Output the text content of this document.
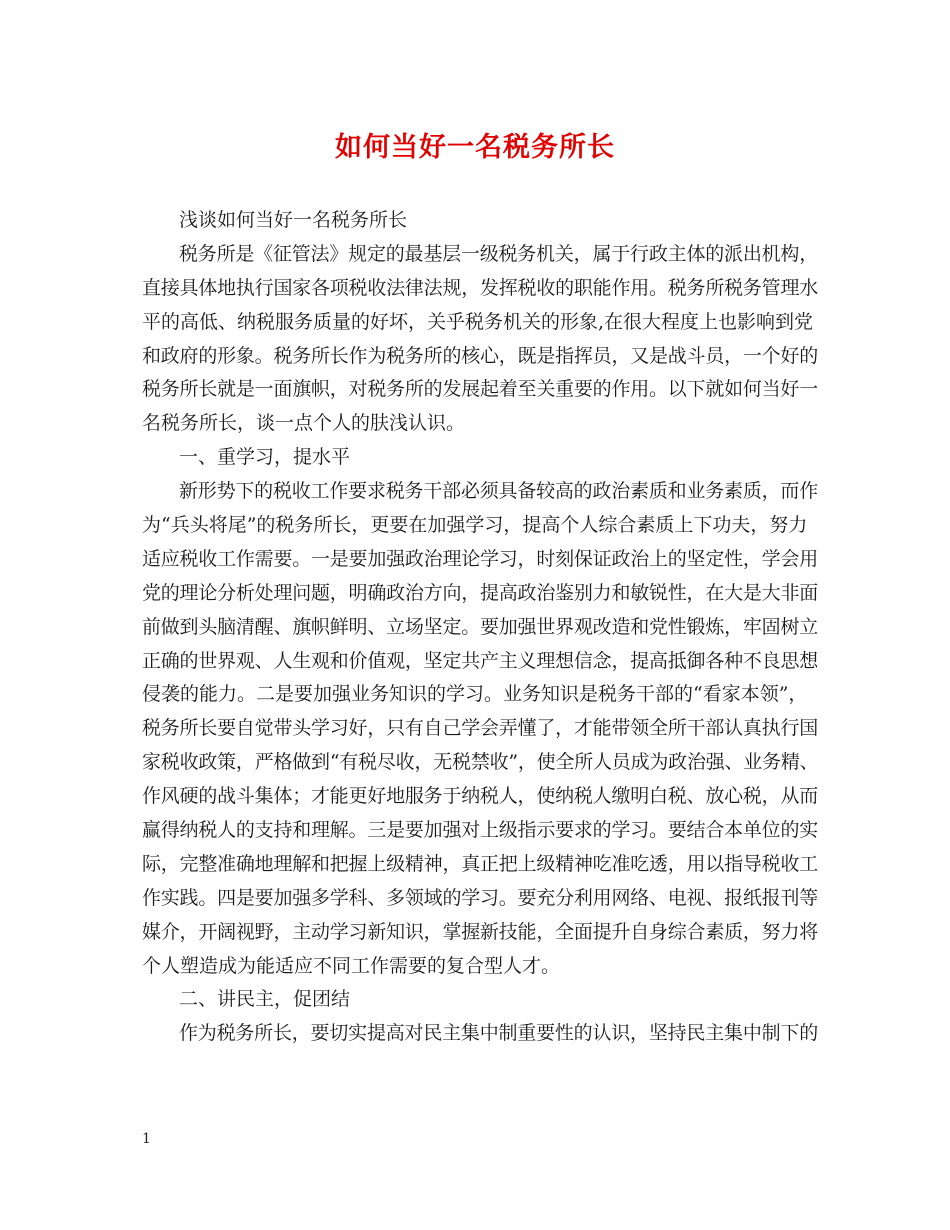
如何当好一名税务所长
浅谈如何当好一名税务所长
税务所是《征管法》规定的最基层一级税务机关，属于行政主体的派出机构，
直接具体地执行国家各项税收法律法规，发挥税收的职能作用。税务所税务管理水
平的高低、纳税服务质量的好坏，关乎税务机关的形象,在很大程度上也影响到党
和政府的形象。税务所长作为税务所的核心，既是指挥员，又是战斗员，一个好的
税务所长就是一面旗帜，对税务所的发展起着至关重要的作用。以下就如何当好一
名税务所长，谈一点个人的肤浅认识。
一、重学习，提水平
新形势下的税收工作要求税务干部必须具备较高的政治素质和业务素质，而作
为“兵头将尾”的税务所长，更要在加强学习，提高个人综合素质上下功夫，努力
适应税收工作需要。一是要加强政治理论学习，时刻保证政治上的坚定性，学会用
党的理论分析处理问题，明确政治方向，提高政治鉴别力和敏锐性，在大是大非面
前做到头脑清醒、旗帜鲜明、立场坚定。要加强世界观改造和党性锻炼，牢固树立
正确的世界观、人生观和价值观，坚定共产主义理想信念，提高抵御各种不良思想
侵袭的能力。二是要加强业务知识的学习。业务知识是税务干部的“看家本领”，
税务所长要自觉带头学习好，只有自己学会弄懂了，才能带领全所干部认真执行国
家税收政策，严格做到“有税尽收，无税禁收”，使全所人员成为政治强、业务精、
作风硬的战斗集体；才能更好地服务于纳税人，使纳税人缴明白税、放心税，从而
赢得纳税人的支持和理解。三是要加强对上级指示要求的学习。要结合本单位的实
际，完整准确地理解和把握上级精神，真正把上级精神吃准吃透，用以指导税收工
作实践。四是要加强多学科、多领域的学习。要充分利用网络、电视、报纸报刊等
媒介，开阔视野，主动学习新知识，掌握新技能，全面提升自身综合素质，努力将
个人塑造成为能适应不同工作需要的复合型人才。
二、讲民主，促团结
作为税务所长，要切实提高对民主集中制重要性的认识，坚持民主集中制下的
1
